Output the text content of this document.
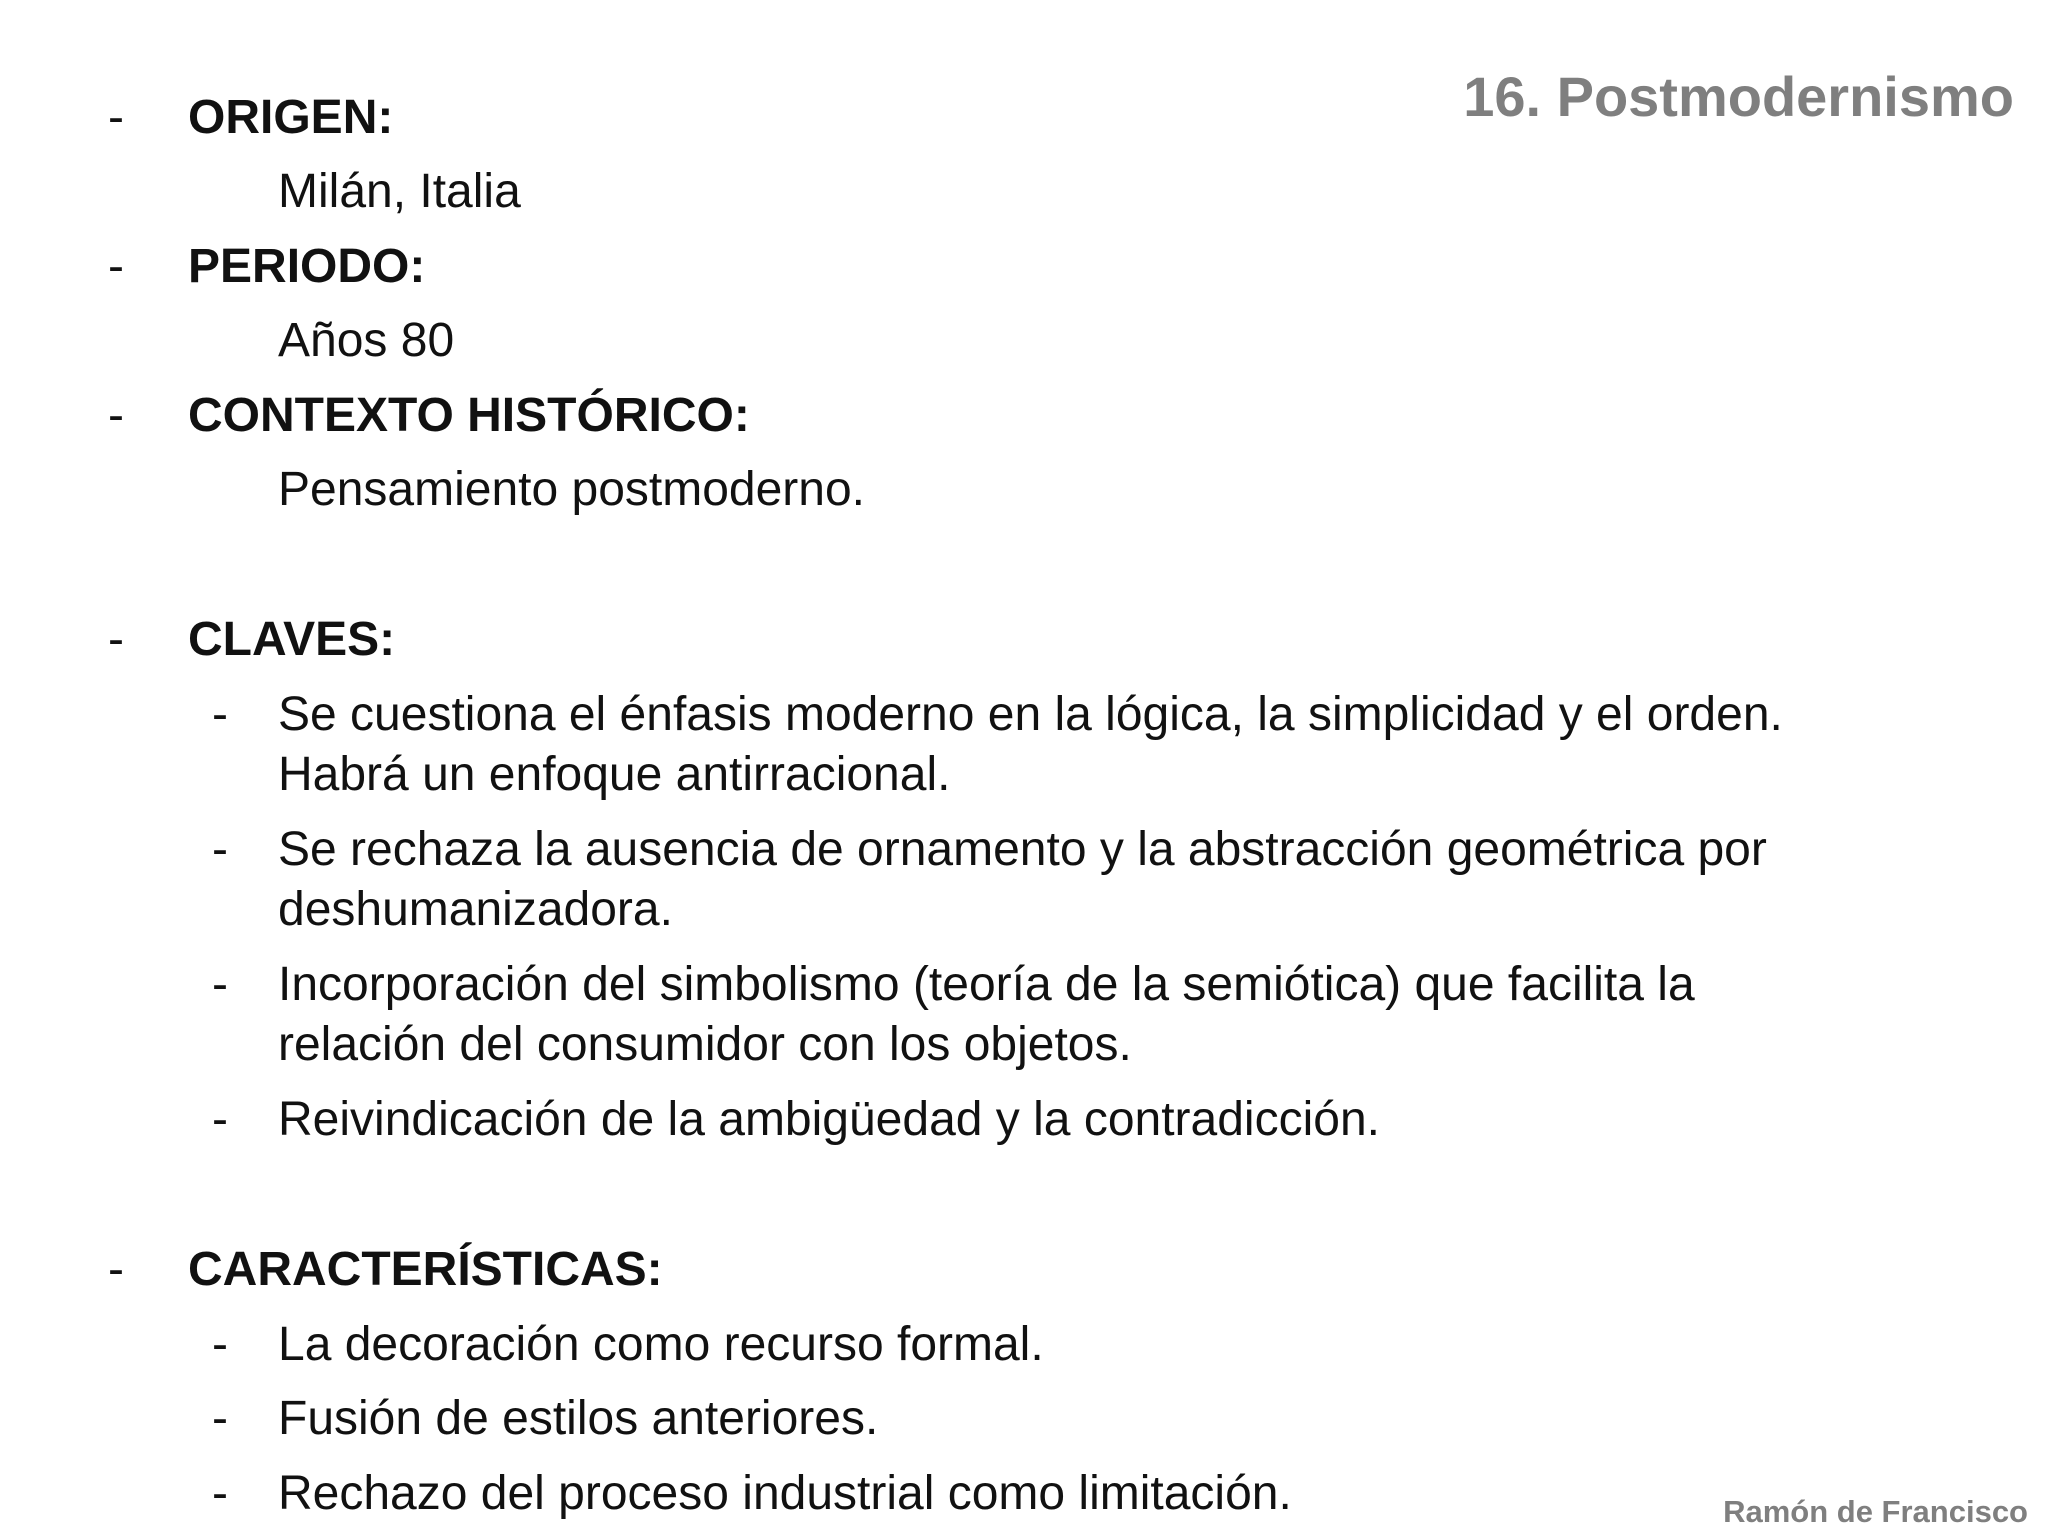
16. Postmodernismo
- ORIGEN:
Milán, Italia
- PERIODO:
Años 80
- CONTEXTO HISTÓRICO:
Pensamiento postmoderno.
- CLAVES:
- Se cuestiona el énfasis moderno en la lógica, la simplicidad y el orden.
Habrá un enfoque antirracional.
- Se rechaza la ausencia de ornamento y la abstracción geométrica por
deshumanizadora.
- Incorporación del simbolismo (teoría de la semiótica) que facilita la
relación del consumidor con los objetos.
- Reivindicación de la ambigüedad y la contradicción.
- CARACTERÍSTICAS:
- La decoración como recurso formal.
- Fusión de estilos anteriores.
- Rechazo del proceso industrial como limitación.	Ramón de Francisco
